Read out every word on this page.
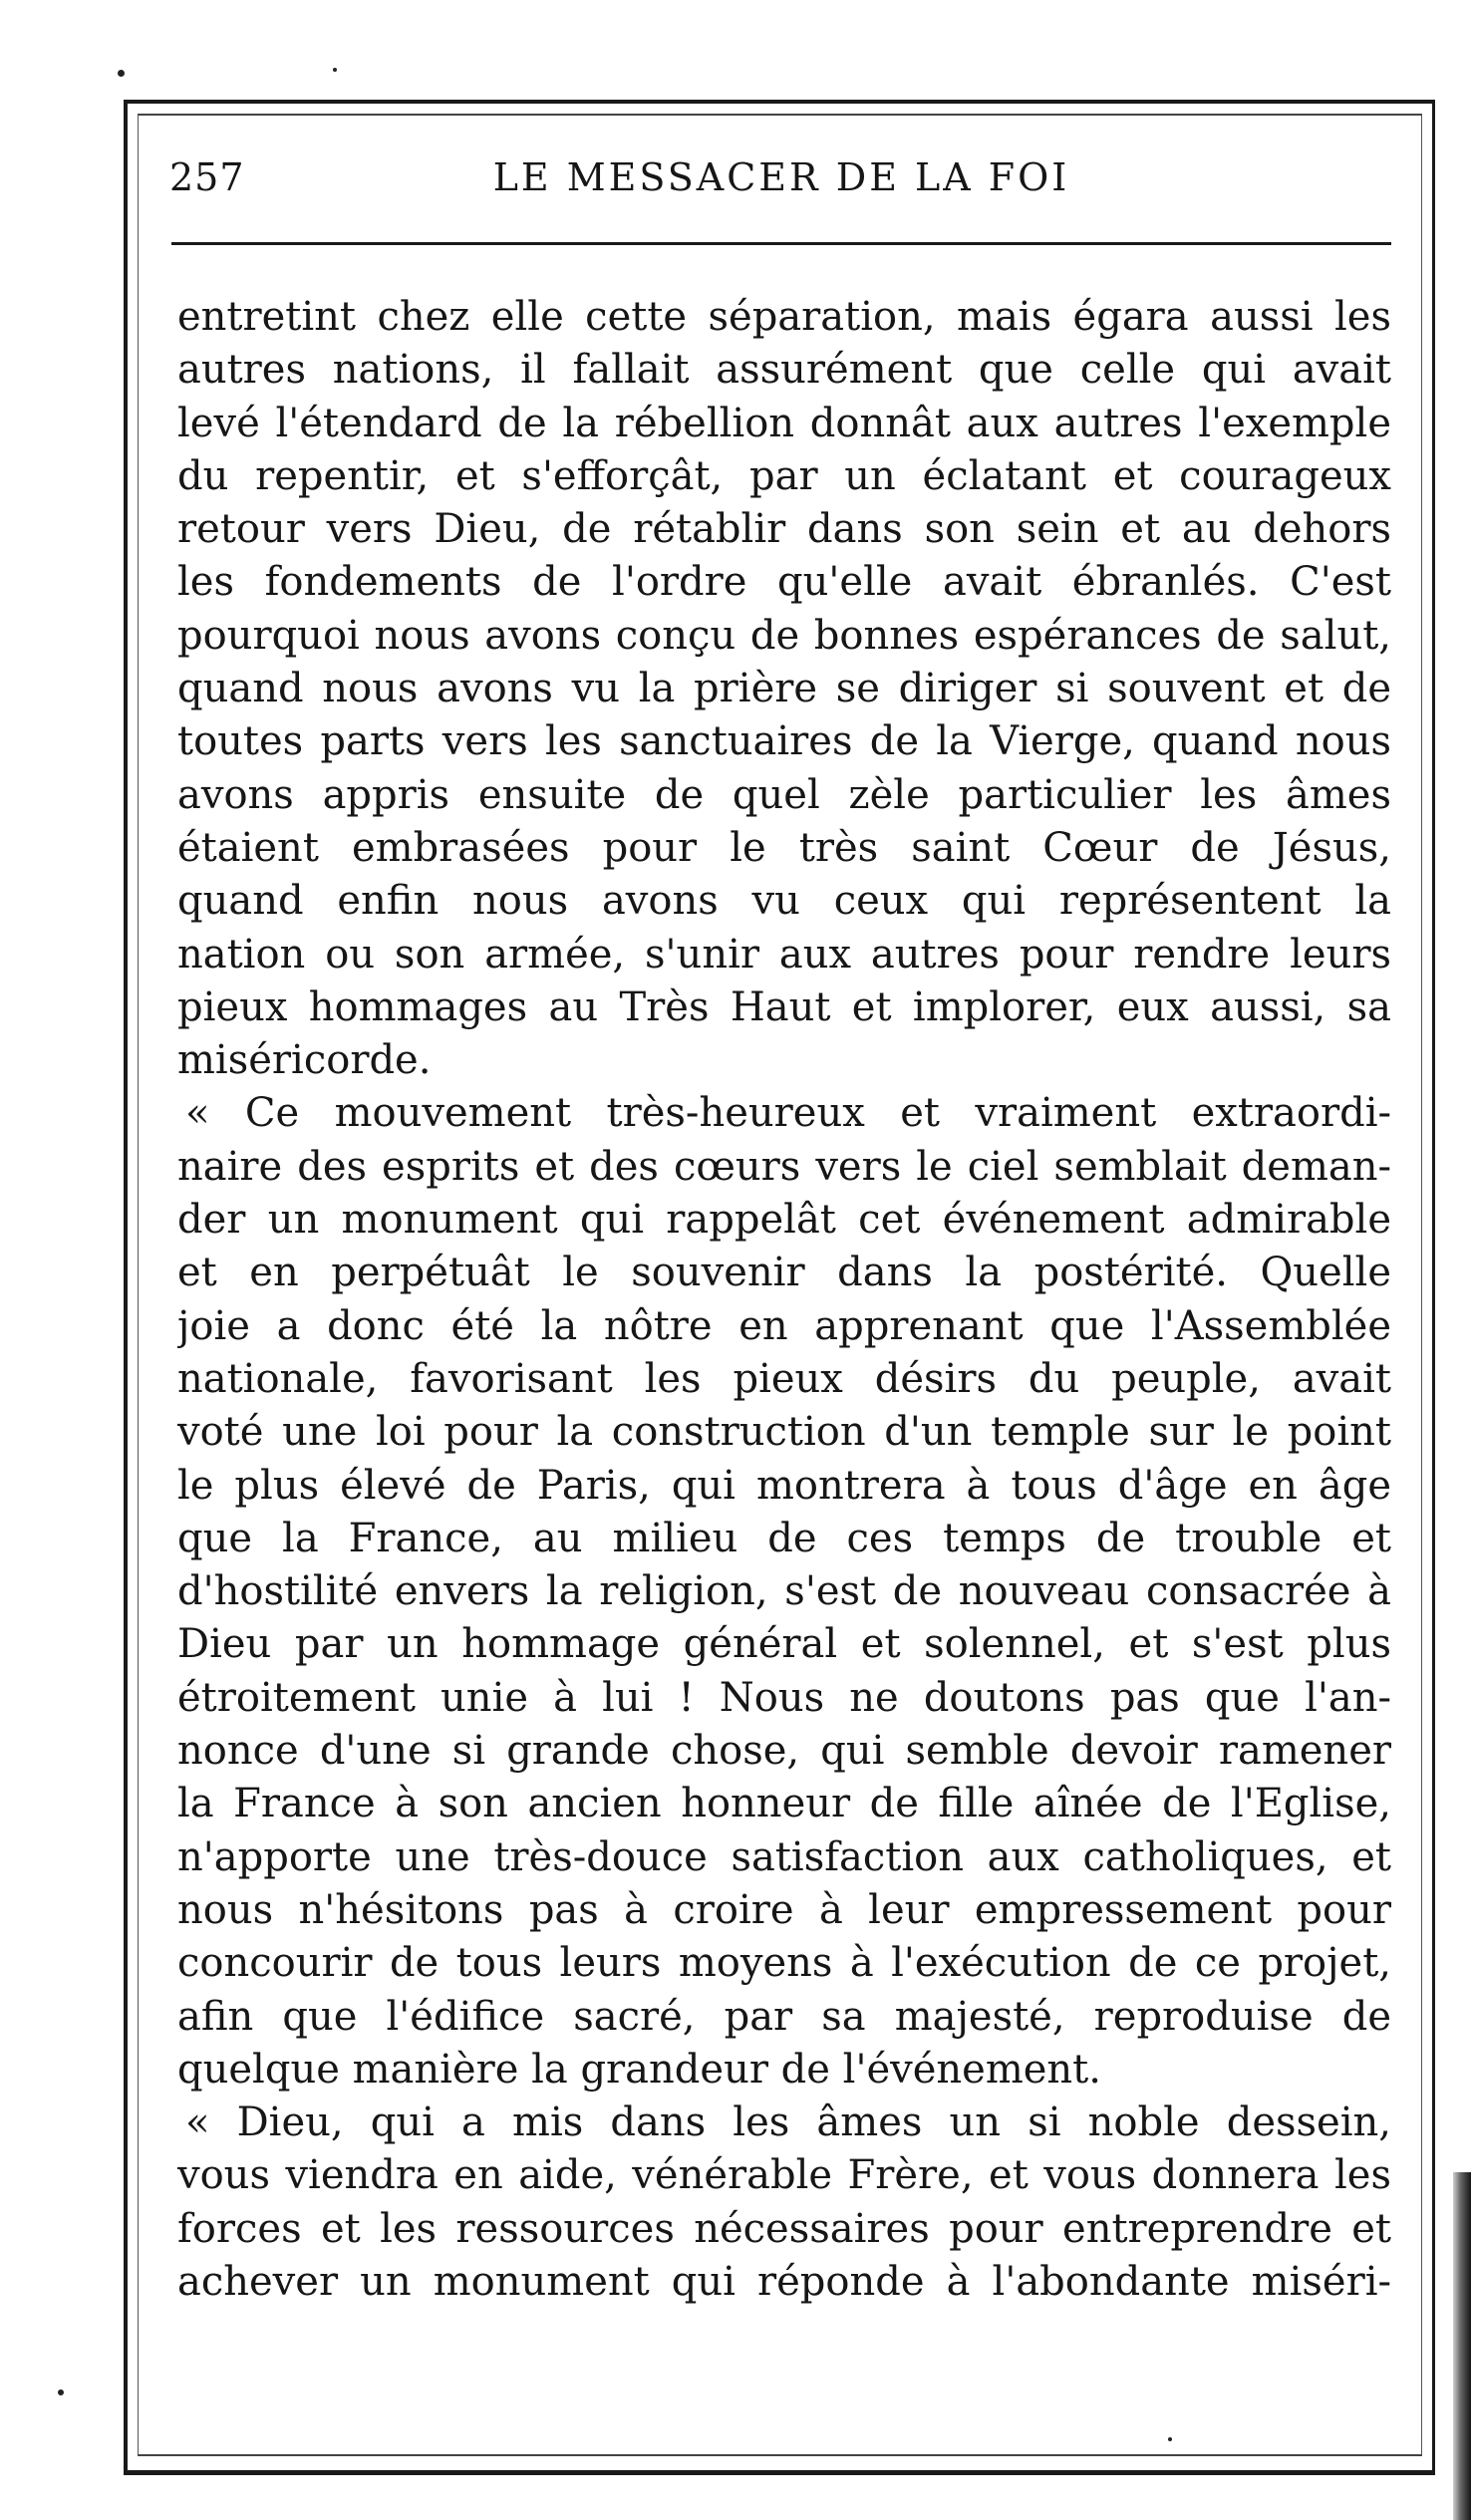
257	LE MESSACER DE LA FOI
entretint chez elle cette séparation, mais égara aussi les
autres nations, il fallait assurément que celle qui avait
levé l'étendard de la rébellion donnât aux autres l'exemple
du repentir, et s'efforçât, par un éclatant et courageux
retour vers Dieu, de rétablir dans son sein et au dehors
les fondements de l'ordre qu'elle avait ébranlés. C'est
pourquoi nous avons conçu de bonnes espérances de salut,
quand nous avons vu la prière se diriger si souvent et de
toutes parts vers les sanctuaires de la Vierge, quand nous
avons appris ensuite de quel zèle particulier les âmes
étaient embrasées pour le très saint Cœur de Jésus,
quand enfin nous avons vu ceux qui représentent la
nation ou son armée, s'unir aux autres pour rendre leurs
pieux hommages au Très Haut et implorer, eux aussi, sa
miséricorde.
« Ce mouvement très-heureux et vraiment extraordi-
naire des esprits et des cœurs vers le ciel semblait deman-
der un monument qui rappelât cet événement admirable
et en perpétuât le souvenir dans la postérité. Quelle
joie a donc été la nôtre en apprenant que l'Assemblée
nationale, favorisant les pieux désirs du peuple, avait
voté une loi pour la construction d'un temple sur le point
le plus élevé de Paris, qui montrera à tous d'âge en âge
que la France, au milieu de ces temps de trouble et
d'hostilité envers la religion, s'est de nouveau consacrée à
Dieu par un hommage général et solennel, et s'est plus
étroitement unie à lui ! Nous ne doutons pas que l'an-
nonce d'une si grande chose, qui semble devoir ramener
la France à son ancien honneur de fille aînée de l'Eglise,
n'apporte une très-douce satisfaction aux catholiques, et
nous n'hésitons pas à croire à leur empressement pour
concourir de tous leurs moyens à l'exécution de ce projet,
afin que l'édifice sacré, par sa majesté, reproduise de
quelque manière la grandeur de l'événement.
« Dieu, qui a mis dans les âmes un si noble dessein,
vous viendra en aide, vénérable Frère, et vous donnera les
forces et les ressources nécessaires pour entreprendre et
achever un monument qui réponde à l'abondante miséri-
